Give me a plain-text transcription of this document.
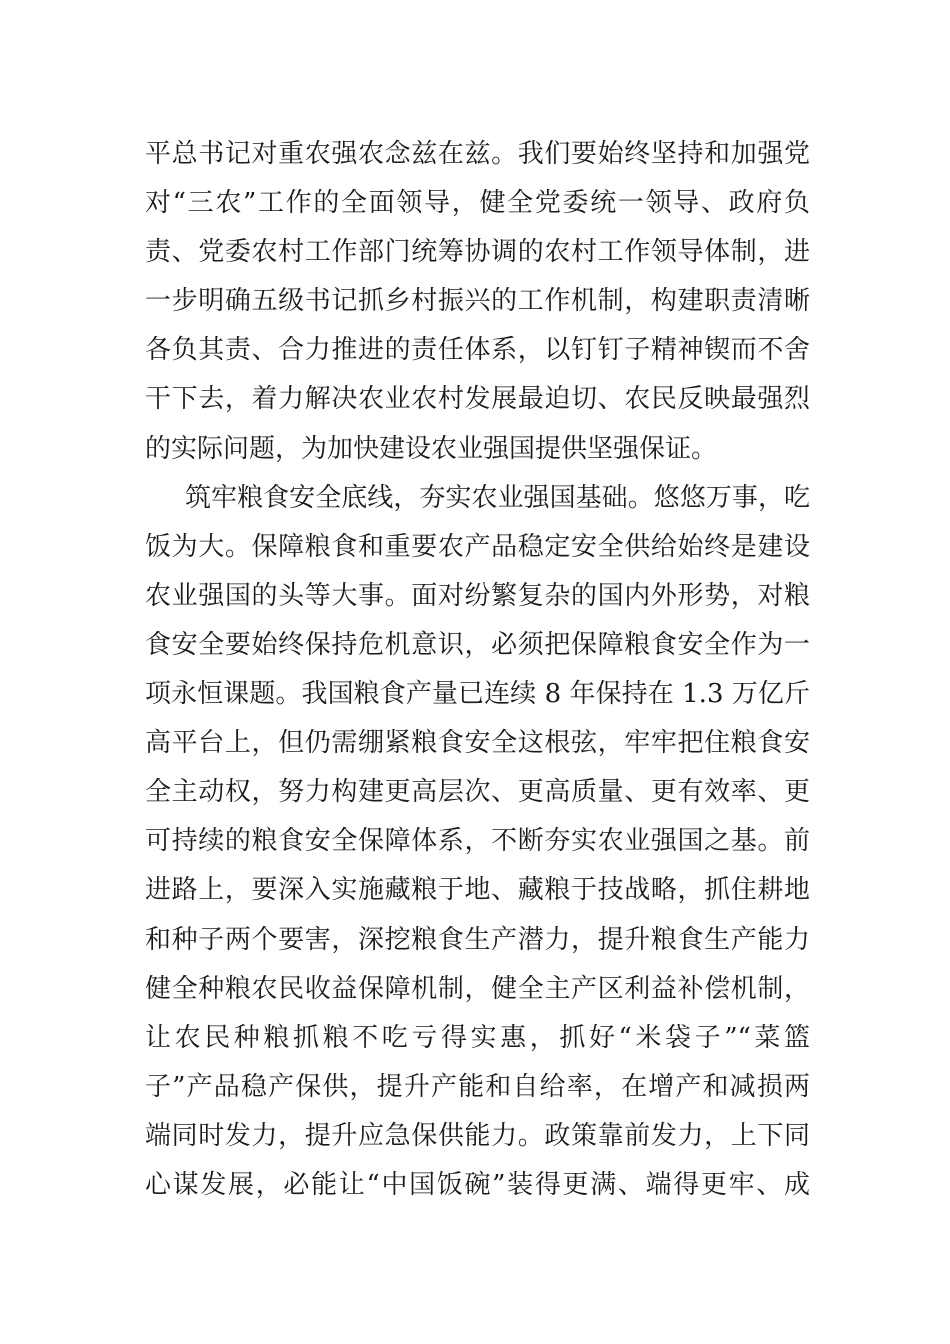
平总书记对重农强农念兹在兹。我们要始终坚持和加强党
对“三农”工作的全面领导，健全党委统一领导、政府负
责、党委农村工作部门统筹协调的农村工作领导体制，进
一步明确五级书记抓乡村振兴的工作机制，构建职责清晰
各负其责、合力推进的责任体系，以钉钉子精神锲而不舍
干下去，着力解决农业农村发展最迫切、农民反映最强烈
的实际问题，为加快建设农业强国提供坚强保证。
筑牢粮食安全底线，夯实农业强国基础。悠悠万事，吃
饭为大。保障粮食和重要农产品稳定安全供给始终是建设
农业强国的头等大事。面对纷繁复杂的国内外形势，对粮
食安全要始终保持危机意识，必须把保障粮食安全作为一
项永恒课题。我国粮食产量已连续 8 年保持在 1.3 万亿斤
高平台上，但仍需绷紧粮食安全这根弦，牢牢把住粮食安
全主动权，努力构建更高层次、更高质量、更有效率、更
可持续的粮食安全保障体系，不断夯实农业强国之基。前
进路上，要深入实施藏粮于地、藏粮于技战略，抓住耕地
和种子两个要害，深挖粮食生产潜力，提升粮食生产能力
健全种粮农民收益保障机制，健全主产区利益补偿机制，
让农民种粮抓粮不吃亏得实惠，抓好“米袋子”“菜篮
子”产品稳产保供，提升产能和自给率，在增产和减损两
端同时发力，提升应急保供能力。政策靠前发力，上下同
心谋发展，必能让“中国饭碗”装得更满、端得更牢、成
